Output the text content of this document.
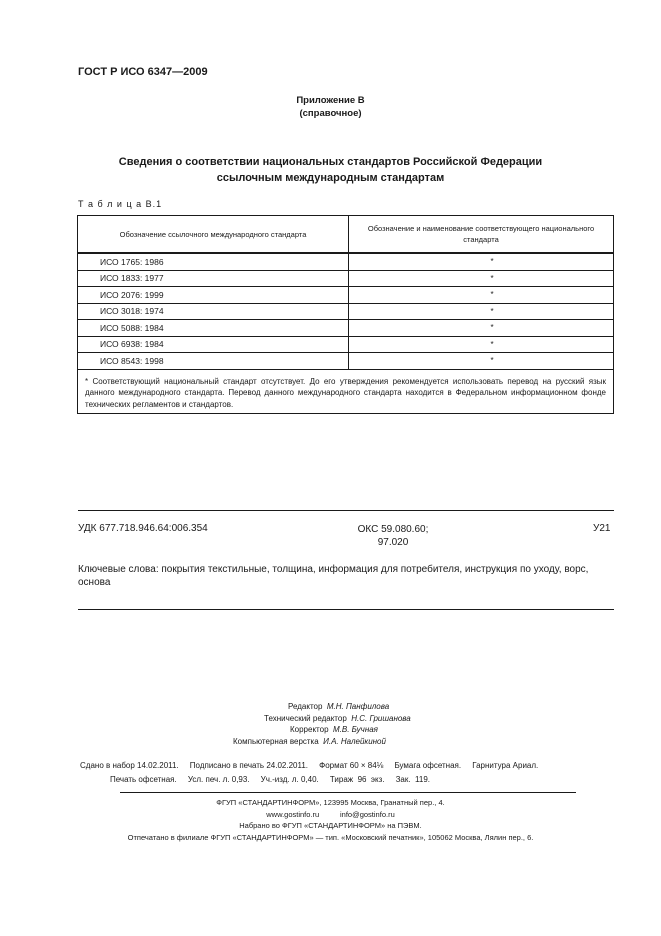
ГОСТ Р ИСО 6347—2009
Приложение В
(справочное)
Сведения о соответствии национальных стандартов Российской Федерации
ссылочным международным стандартам
Т а б л и ц а В.1
Обозначение ссылочного международного стандарта	Обозначение и наименование соответствующего национального стандарта
ИСО 1765: 1986	*
ИСО 1833: 1977	*
ИСО 2076: 1999	*
ИСО 3018: 1974	*
ИСО 5088: 1984	*
ИСО 6938: 1984	*
ИСО 8543: 1998	*
* Соответствующий национальный стандарт отсутствует. До его утверждения рекомендуется использовать перевод на русский язык данного международного стандарта. Перевод данного международного стандарта находится в Федеральном информационном фонде технических регламентов и стандартов.	
УДК 677.718.946.64:006.354	ОКС 59.080.60;
97.020
У21
Ключевые слова: покрытия текстильные, толщина, информация для потребителя, инструкция по уходу, ворс, основа
Редактор М.Н. Панфилова
Технический редактор Н.С. Гришанова
Корректор М.В. Бучная
Компьютерная верстка И.А. Налейкиной
Сдано в набор 14.02.2011.     Подписано в печать 24.02.2011.     Формат 60 × 84⅛     Бумага офсетная.     Гарнитура Ариал.
Печать офсетная.     Усл. печ. л. 0,93.     Уч.-изд. л. 0,40.     Тираж  96  экз.     Зак.  119.
ФГУП «СТАНДАРТИНФОРМ», 123995 Москва, Гранатный пер., 4.
www.gostinfo.ru          info@gostinfo.ru
Набрано во ФГУП «СТАНДАРТИНФОРМ» на ПЭВМ.
Отпечатано в филиале ФГУП «СТАНДАРТИНФОРМ» — тип. «Московский печатник», 105062 Москва, Лялин пер., 6.
